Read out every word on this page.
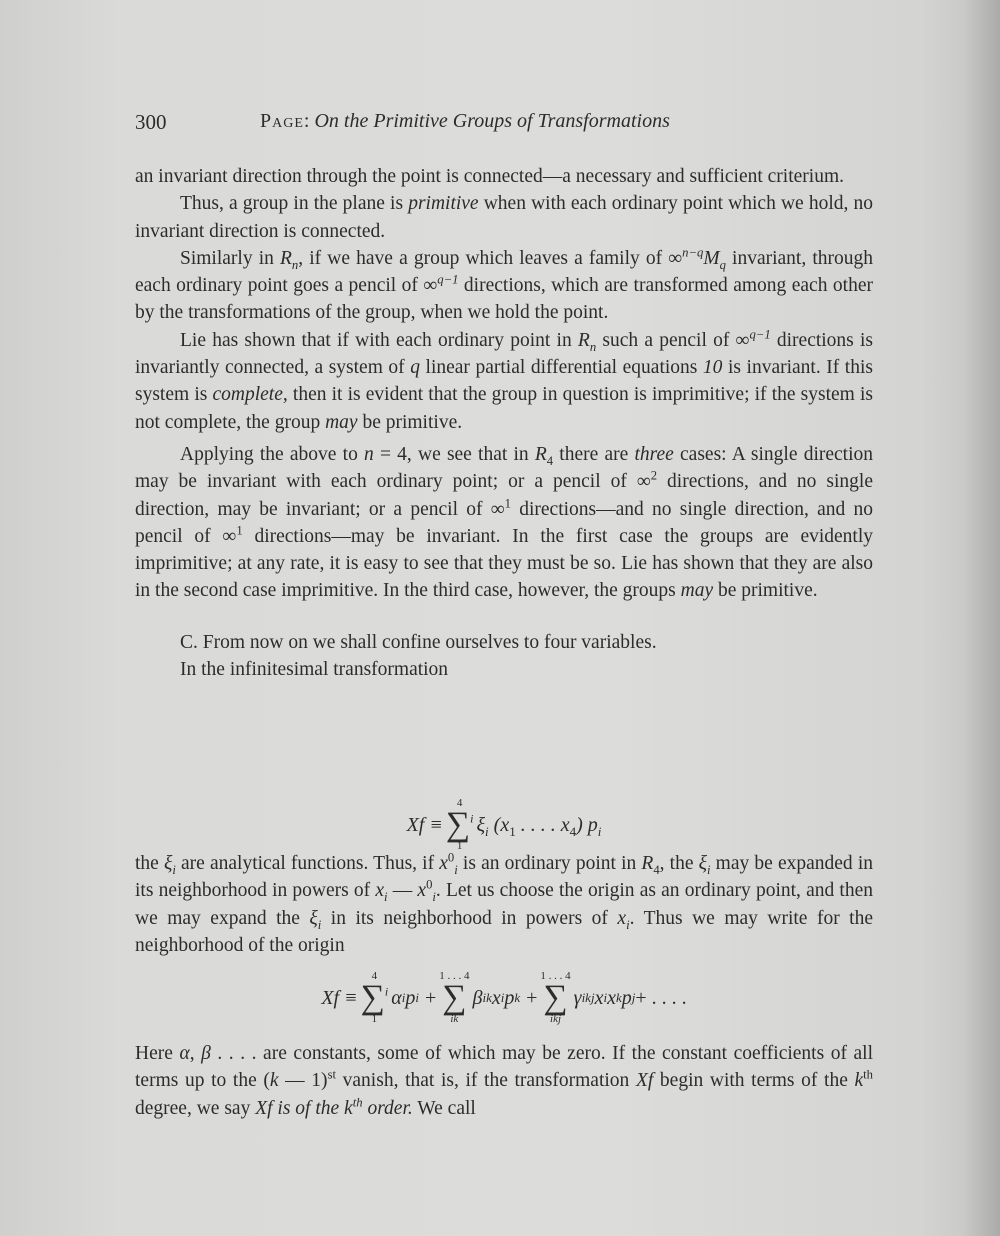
300	Page: On the Primitive Groups of Transformations

an invariant direction through the point is connected—a necessary and sufficient criterium.

Thus, a group in the plane is primitive when with each ordinary point which we hold, no invariant direction is connected.

Similarly in $R_n$, if we have a group which leaves a family of $\infty^{n-q}M_q$ invariant, through each ordinary point goes a pencil of ∞$^{q-1}$ directions, which are transformed among each other by the transformations of the group, when we hold the point.

Lie has shown that if with each ordinary point in $R_n$ such a pencil of ∞$^{q-1}$ directions is invariantly connected, a system of q linear partial differential equations 10 is invariant. If this system is complete, then it is evident that the group in question is imprimitive; if the system is not complete, the group may be primitive.

Applying the above to n = 4, we see that in $R_4$ there are three cases: A single direction may be invariant with each ordinary point; or a pencil of ∞$^2$ directions, and no single direction, may be invariant; or a pencil of ∞$^1$ directions—and no single direction, and no pencil of ∞$^1$ directions—may be invariant. In the first case the groups are evidently imprimitive; at any rate, it is easy to see that they must be so. Lie has shown that they are also in the second case imprimitive. In the third case, however, the groups may be primitive.

C. From now on we shall confine ourselves to four variables.

In the infinitesimal transformation

Xf ≡
4
∑$^i$
1
$\xi_i$ ($x_1$ . . . . $x_4$) $p_i$

the $\xi_i$ are analytical functions. Thus, if $x^0_i$ is an ordinary point in $R_4$, the $\xi_i$ may be expanded in its neighborhood in powers of $x_i$ — $x^0_i$. Let us choose the origin as an ordinary point, and then we may expand the $\xi_i$ in its neighborhood in powers of $x_i$. Thus we may write for the neighborhood of the origin

Xf ≡
4
∑$^i$
1
α i p i +
1 . . . 4
∑
ik
β ik x i p k +
1 . . . 4
∑
ikj
γ ikj x i x k p j + . . . .

Here α, β . . . . are constants, some of which may be zero. If the constant coefficients of all terms up to the (k — 1)$^{st}$ vanish, that is, if the transformation Xf begin with terms of the $k^{th}$ degree, we say Xf is of the $k^{th}$ order. We call
